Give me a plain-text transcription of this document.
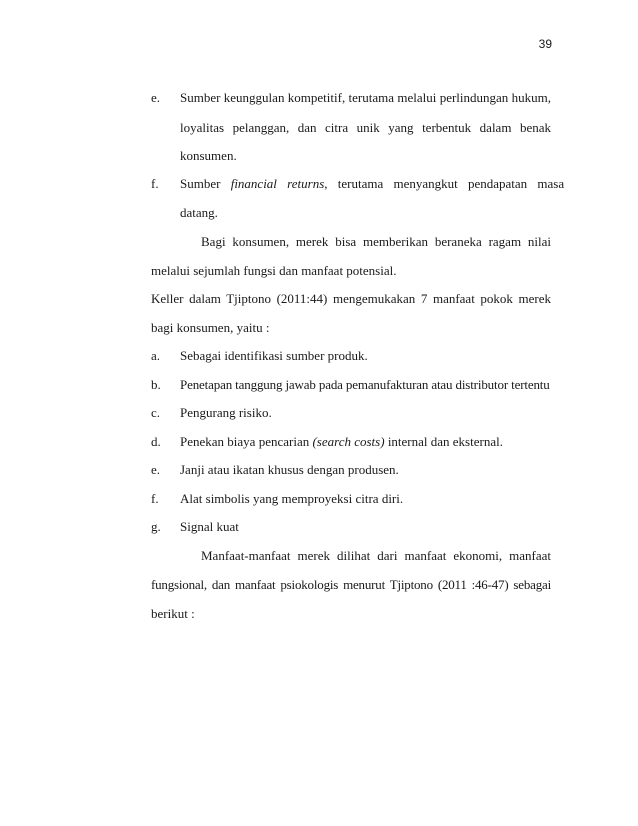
39
e. Sumber keunggulan kompetitif, terutama melalui perlindungan hukum,
loyalitas pelanggan, dan citra unik yang terbentuk dalam benak
konsumen.
f. Sumber financial returns, terutama menyangkut pendapatan masa
datang.
Bagi konsumen, merek bisa memberikan beraneka ragam nilai
melalui sejumlah fungsi dan manfaat potensial.
Keller dalam Tjiptono (2011:44) mengemukakan 7 manfaat pokok merek
bagi konsumen, yaitu :
a. Sebagai identifikasi sumber produk.
b. Penetapan tanggung jawab pada pemanufakturan atau distributor tertentu
c. Pengurang risiko.
d. Penekan biaya pencarian (search costs) internal dan eksternal.
e. Janji atau ikatan khusus dengan produsen.
f. Alat simbolis yang memproyeksi citra diri.
g. Signal kuat
Manfaat-manfaat merek dilihat dari manfaat ekonomi, manfaat
fungsional, dan manfaat psiokologis menurut Tjiptono (2011 :46-47) sebagai
berikut :
